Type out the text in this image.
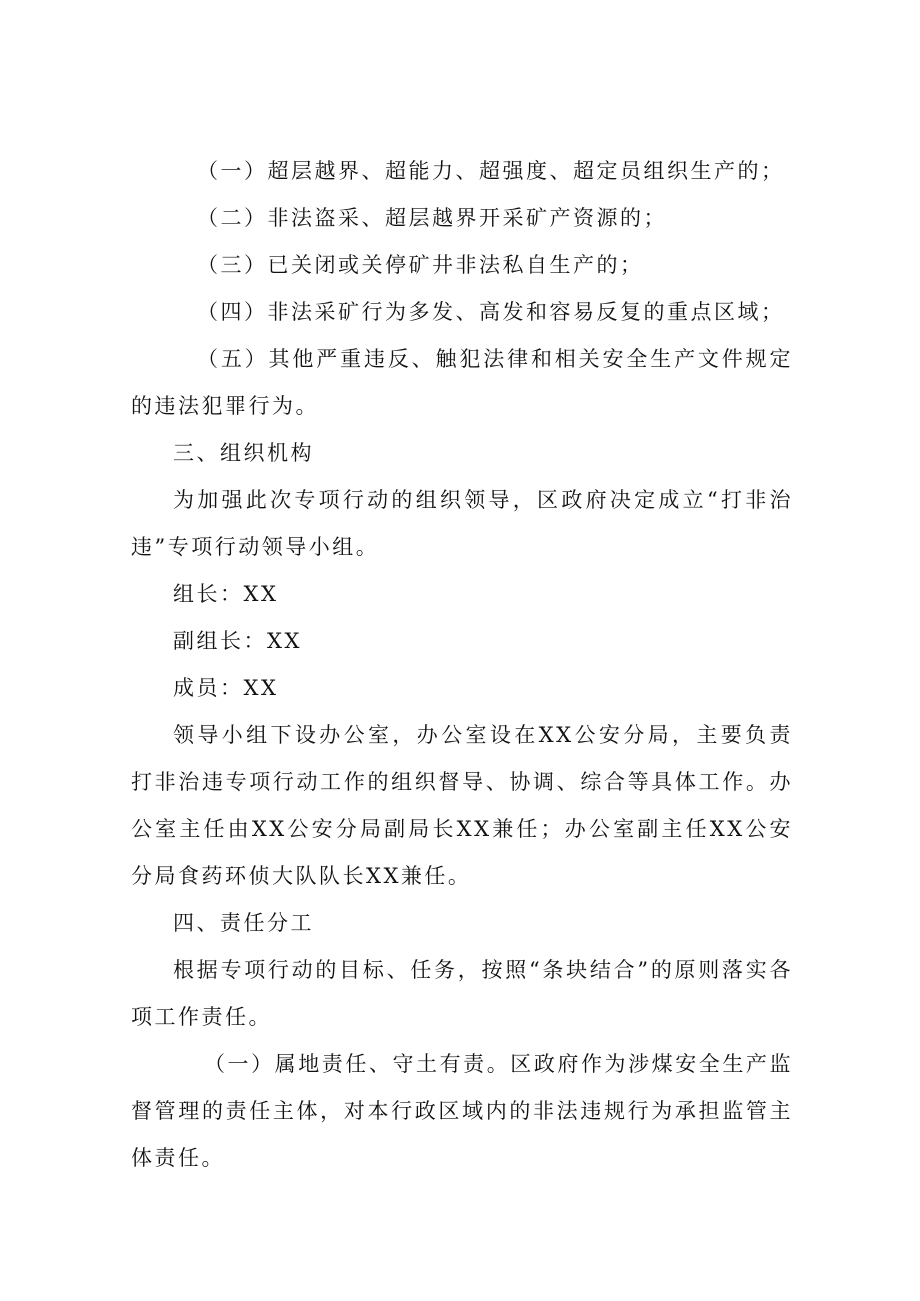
（一）超层越界、超能力、超强度、超定员组织生产的；

（二）非法盗采、超层越界开采矿产资源的；

（三）已关闭或关停矿井非法私自生产的；

（四）非法采矿行为多发、高发和容易反复的重点区域；

（五）其他严重违反、触犯法律和相关安全生产文件规定的违法犯罪行为。

三、组织机构

为加强此次专项行动的组织领导，区政府决定成立“打非治违”专项行动领导小组。

组长：XX

副组长：XX

成员：XX

领导小组下设办公室，办公室设在XX公安分局，主要负责打非治违专项行动工作的组织督导、协调、综合等具体工作。办公室主任由XX公安分局副局长XX兼任；办公室副主任XX公安分局食药环侦大队队长XX兼任。

四、责任分工

根据专项行动的目标、任务，按照“条块结合”的原则落实各项工作责任。

（一）属地责任、守土有责。区政府作为涉煤安全生产监督管理的责任主体，对本行政区域内的非法违规行为承担监管主体责任。
